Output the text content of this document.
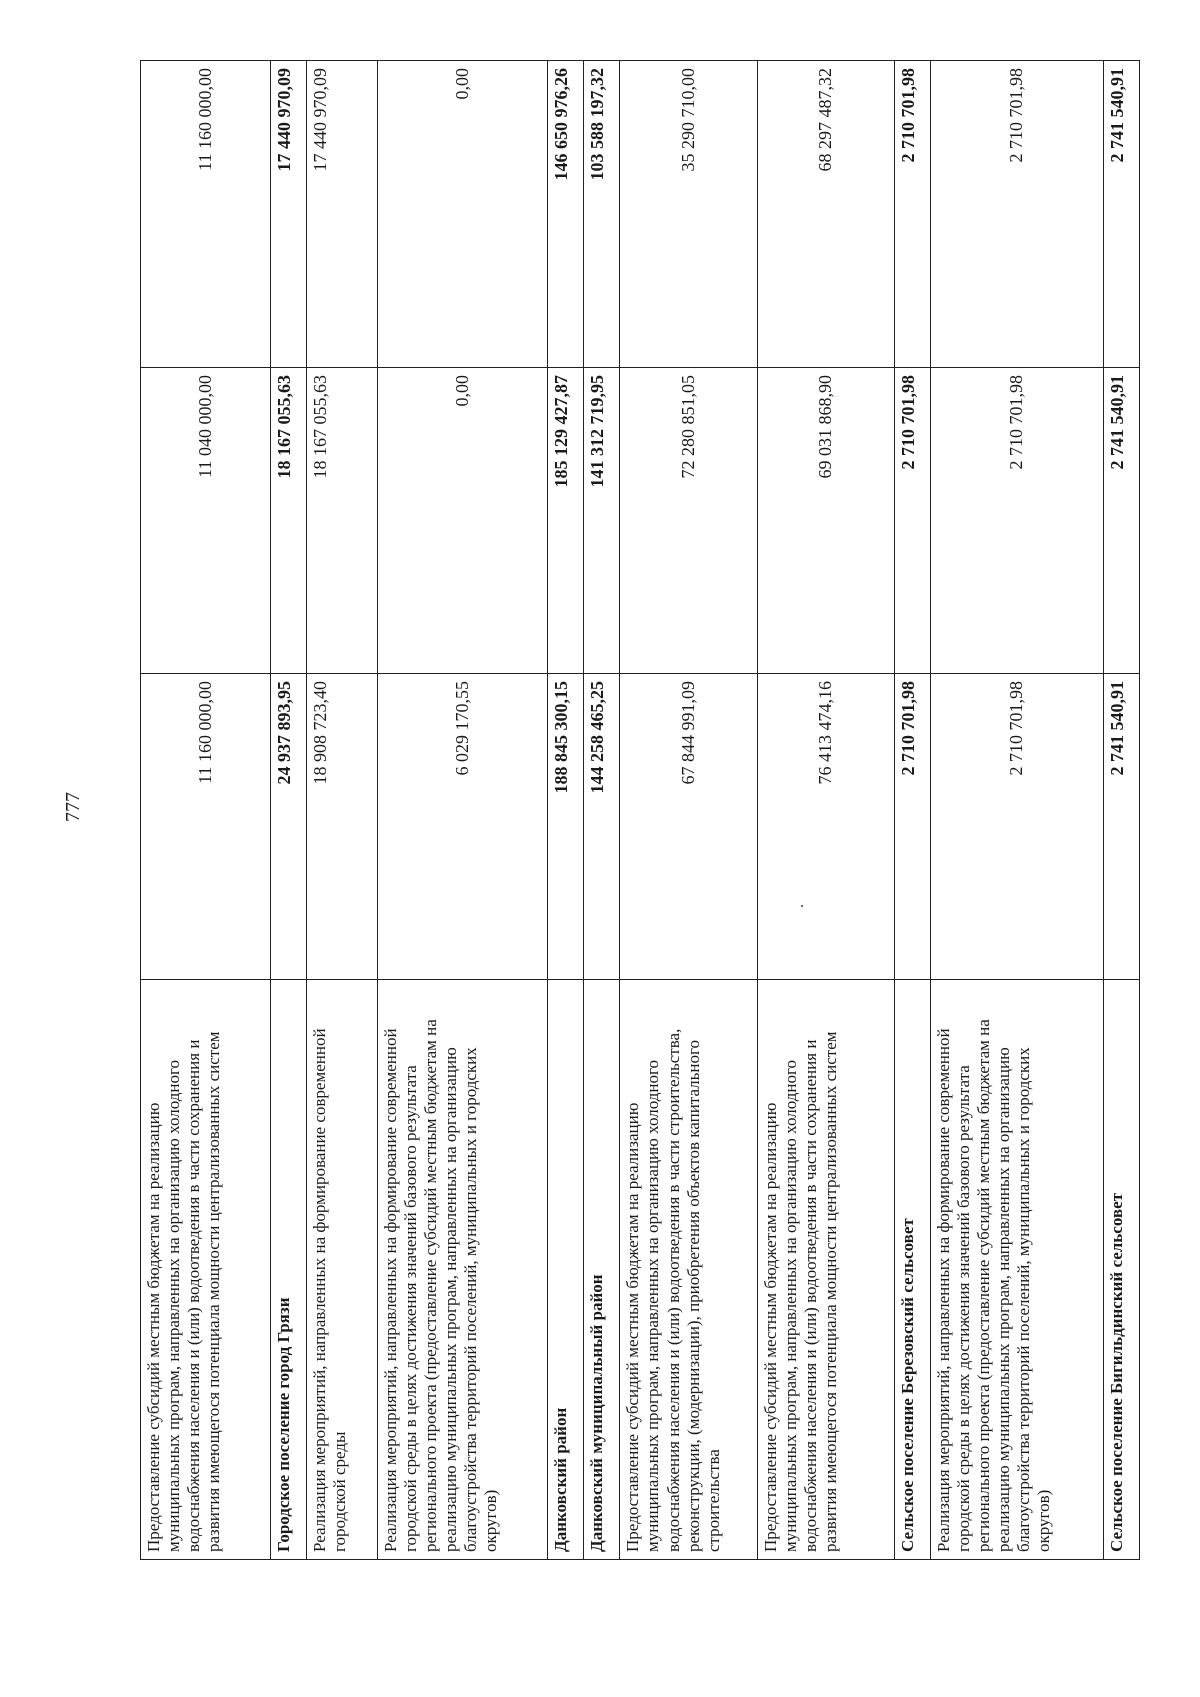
777
Предоставление субсидий местным бюджетам на реализацию муниципальных програм, направленных на организацию холодного водоснабжения населения и (или) водоотведения в части сохранения и развития имеющегося потенциала мощности централизованных систем	11 160 000,00	11 040 000,00	11 160 000,00
Городское поселение город Грязи	24 937 893,95	18 167 055,63	17 440 970,09
Реализация мероприятий, направленных на формирование современной городской среды	18 908 723,40	18 167 055,63	17 440 970,09
Реализация мероприятий, направленных на формирование современной городской среды в целях достижения значений базового результата регионального проекта (предоставление субсидий местным бюджетам на реализацию муниципальных програм, направленных на организацию благоустройства территорий поселений, муниципальных и городских округов)	6 029 170,55	0,00	0,00
Данковский район	188 845 300,15	185 129 427,87	146 650 976,26
Данковский муниципальный район	144 258 465,25	141 312 719,95	103 588 197,32
Предоставление субсидий местным бюджетам на реализацию муниципальных програм, направленных на организацию холодного водоснабжения населения и (или) водоотведения в части строительства, реконструкции, (модернизации), приобретения объектов капитального строительства	67 844 991,09	72 280 851,05	35 290 710,00
Предоставление субсидий местным бюджетам на реализацию муниципальных програм, направленных на организацию холодного водоснабжения населения и (или) водоотведения в части сохранения и развития имеющегося потенциала мощности централизованных систем	76 413 474,16	69 031 868,90	68 297 487,32
Сельское поселение Березовский сельсовет	2 710 701,98	2 710 701,98	2 710 701,98
Реализация мероприятий, направленных на формирование современной городской среды в целях достижения значений базового результата регионального проекта (предоставление субсидий местным бюджетам на реализацию муниципальных програм, направленных на организацию благоустройства территорий поселений, муниципальных и городских округов)	2 710 701,98	2 710 701,98	2 710 701,98
Сельское поселение Бигильдинский сельсовет	2 741 540,91	2 741 540,91	2 741 540,91
